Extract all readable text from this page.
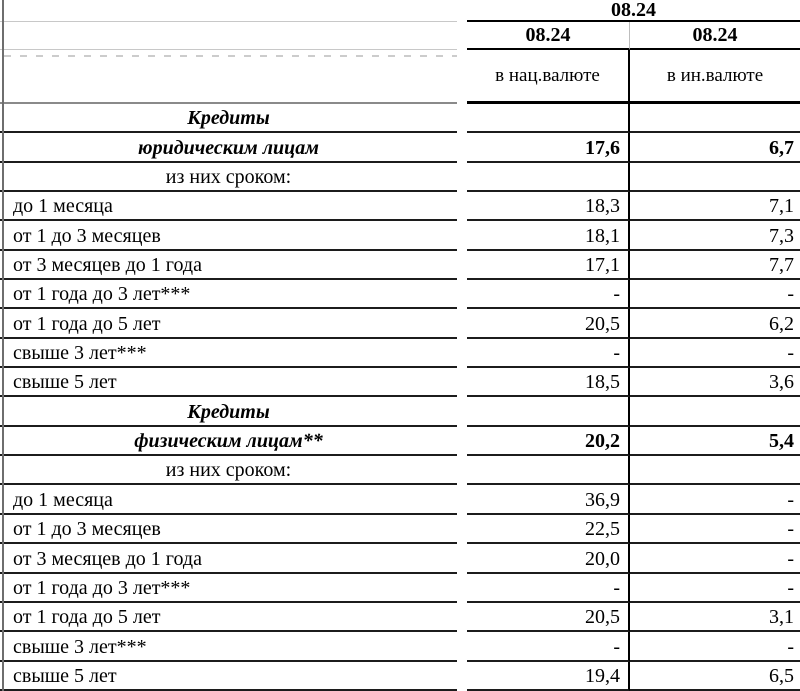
08.24
08.24	08.24
в нац.валюте	в ин.валюте
Кредиты
юридическим лицам	17,6	6,7
из них сроком:
до 1 месяца	18,3	7,1
от 1 до 3 месяцев	18,1	7,3
от 3 месяцев до 1 года	17,1	7,7
от 1 года до 3 лет***	-	-
от 1 года до 5 лет	20,5	6,2
свыше 3 лет***	-	-
свыше 5 лет	18,5	3,6
Кредиты
физическим лицам**	20,2	5,4
из них сроком:
до 1 месяца	36,9	-
от 1 до 3 месяцев	22,5	-
от 3 месяцев до 1 года	20,0	-
от 1 года до 3 лет***	-	-
от 1 года до 5 лет	20,5	3,1
свыше 3 лет***	-	-
свыше 5 лет	19,4	6,5
